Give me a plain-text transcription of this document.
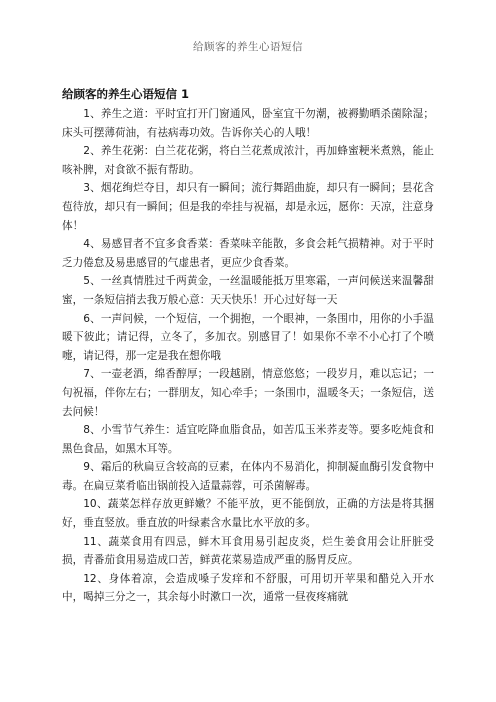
给顾客的养生心语短信
给顾客的养生心语短信 1

1、养生之道：平时宜打开门窗通风，卧室宜干勿潮，被褥勤晒杀菌除湿；床头可摆薄荷油，有祛病毒功效。告诉你关心的人哦！

2、养生花粥：白兰花花粥，将白兰花煮成浓汁，再加蜂蜜粳米煮熟，能止咳补脾，对食欲不振有帮助。

3、烟花绚烂夺目，却只有一瞬间；流行舞蹈曲旋，却只有一瞬间；昙花含苞待放，却只有一瞬间；但是我的牵挂与祝福，却是永远，愿你：天凉，注意身体！

4、易感冒者不宜多食香菜：香菜味辛能散，多食会耗气损精神。对于平时乏力倦怠及易患感冒的气虚患者，更应少食香菜。

5、一丝真情胜过千两黄金，一丝温暖能抵万里寒霜，一声问候送来温馨甜蜜，一条短信捎去我万般心意：天天快乐！开心过好每一天

6、一声问候，一个短信，一个拥抱，一个眼神，一条围巾，用你的小手温暖下彼此；请记得，立冬了，多加衣。别感冒了！如果你不幸不小心打了个喷嚏，请记得，那一定是我在想你哦

7、一壶老酒，绵香醇厚；一段越剧，情意悠悠；一段岁月，难以忘记；一句祝福，伴你左右；一群朋友，知心牵手；一条围巾，温暖冬天；一条短信，送去问候！

8、小雪节气养生：适宜吃降血脂食品，如苦瓜玉米荞麦等。要多吃炖食和黑色食品，如黑木耳等。

9、霜后的秋扁豆含较高的豆素，在体内不易消化，抑制凝血酶引发食物中毒。在扁豆菜肴临出锅前投入适量蒜蓉，可杀菌解毒。

10、蔬菜怎样存放更鲜嫩？不能平放，更不能倒放，正确的方法是将其捆好，垂直竖放。垂直放的叶绿素含水量比水平放的多。

11、蔬菜食用有四忌，鲜木耳食用易引起皮炎，烂生姜食用会让肝脏受损，青番茄食用易造成口苦，鲜黄花菜易造成严重的肠胃反应。

12、身体着凉，会造成嗓子发痒和不舒服，可用切开苹果和醋兑入开水中，喝掉三分之一，其余每小时漱口一次，通常一昼夜疼痛就
